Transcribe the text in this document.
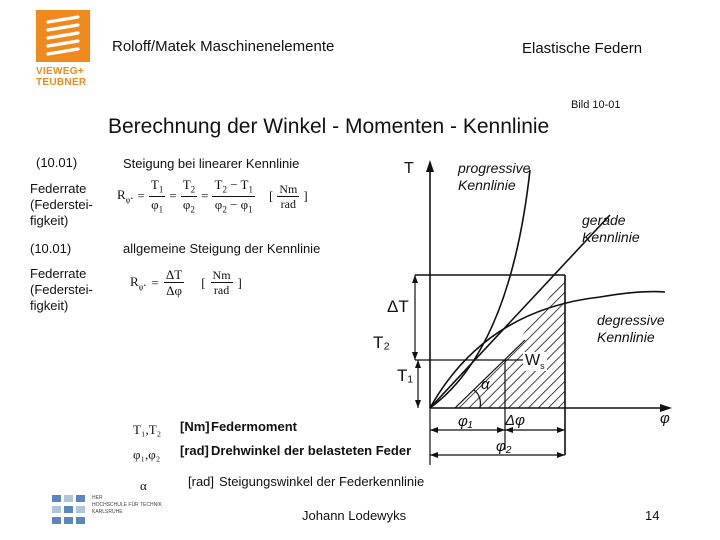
VIEWEG+
TEUBNER
Roloff/Matek Maschinenelemente	Elastische Federn
Bild 10-01
Berechnung der Winkel - Momenten - Kennlinie
(10.01)	Steigung bei linearer Kennlinie
Federrate
(Federstei-
figkeit)
$R_\varphi$. = $\frac{T_1}{\varphi_1} = \frac{T_2}{\varphi_2} = \frac{T_2 - T_1}{\varphi_2 - \varphi_1}$ [ $\frac{Nm}{\text{rad}}$ ]
(10.01)	allgemeine Steigung der Kennlinie
Federrate
(Federstei-
figkeit)
$R_\varphi$. = $\frac{\Delta T}{\Delta\varphi}$ [ $\frac{Nm}{\text{rad}}$ ]
T₁,T₂ [Nm] Federmoment
φ₁,φ₂ [rad] Drehwinkel der belasteten Feder
α	[rad] Steigungswinkel der Federkennlinie
T
φ
progressive
Kennlinie
gerade
Kennlinie
degressive
Kennlinie
ΔT
T₂
T₁
$W_s$
α
φ₁ Δφ
φ₂
HER
HOCHSCHULE FÜR TECHNIK
KARLSRUHE	Johann Lodewyks	14
